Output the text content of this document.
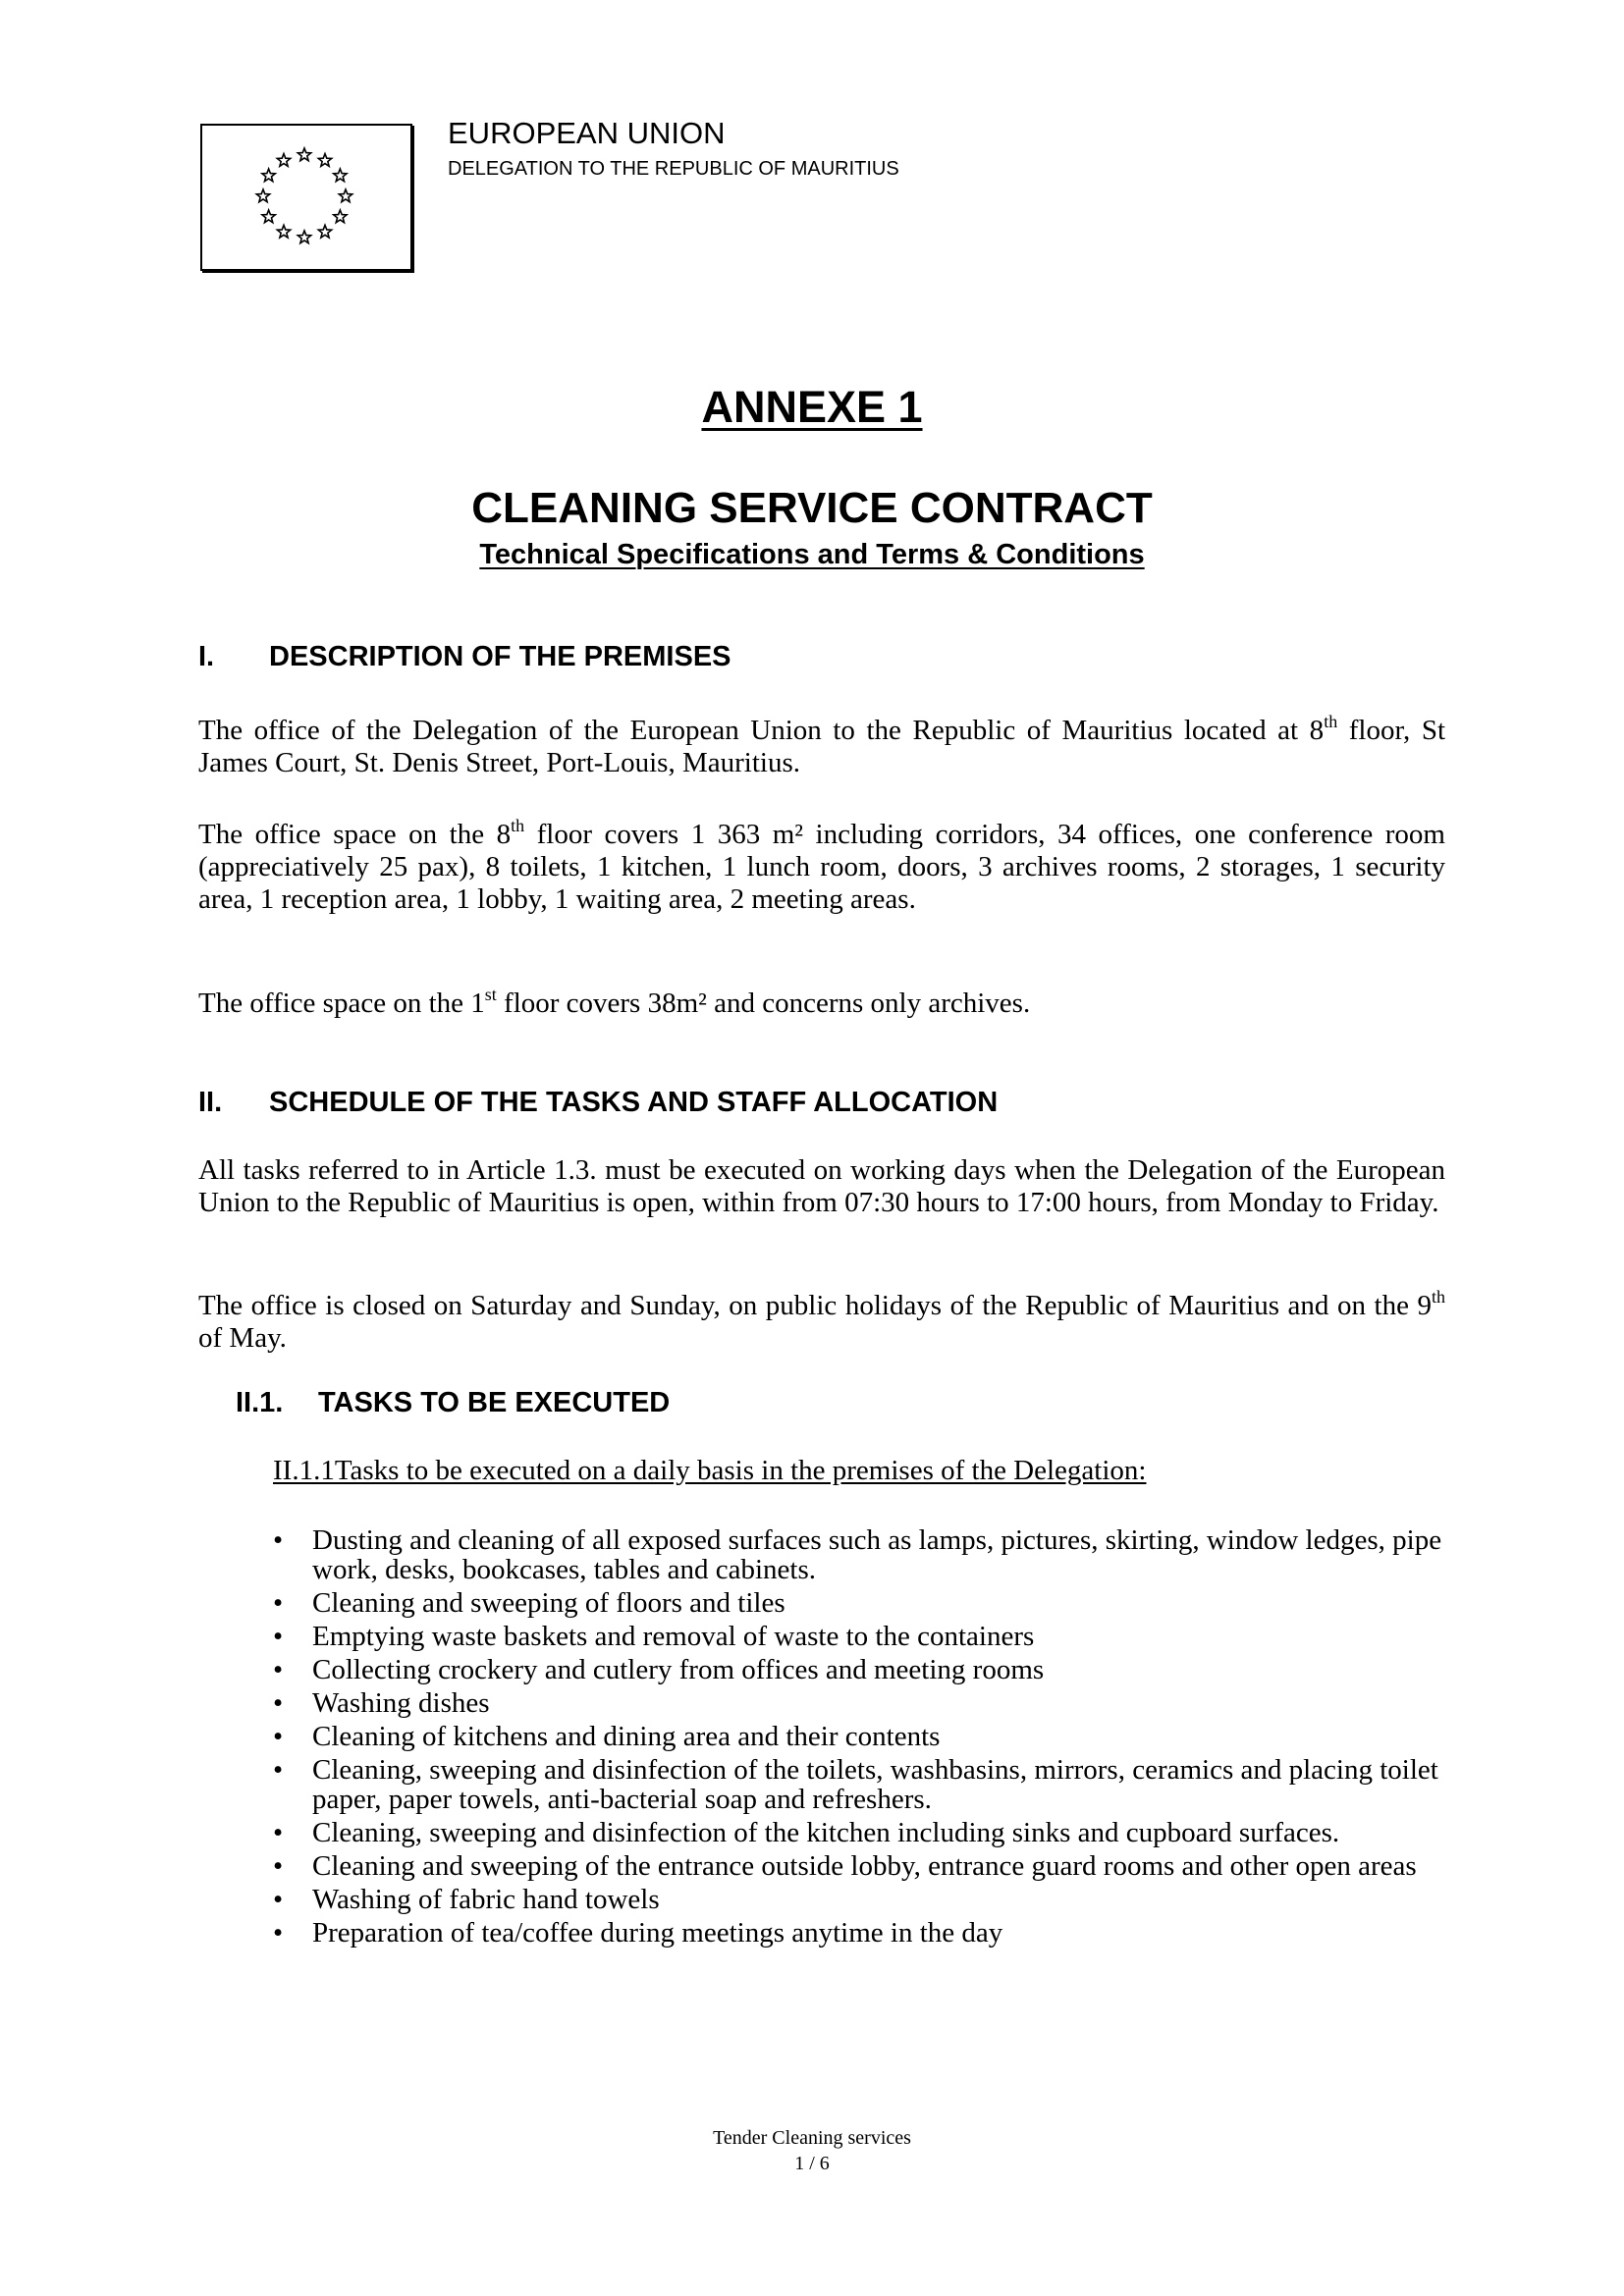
EUROPEAN UNION

DELEGATION TO THE REPUBLIC OF MAURITIUS

ANNEXE 1
CLEANING SERVICE CONTRACT

Technical Specifications and Terms & Conditions

I. DESCRIPTION OF THE PREMISES

The office of the Delegation of the European Union to the Republic of Mauritius located at 8th floor, St James Court, St. Denis Street, Port-Louis, Mauritius.

The office space on the 8th floor covers 1 363 m² including corridors, 34 offices, one conference room (appreciatively 25 pax), 8 toilets, 1 kitchen, 1 lunch room, doors, 3 archives rooms, 2 storages, 1 security area, 1 reception area, 1 lobby, 1 waiting area, 2 meeting areas.

The office space on the 1st floor covers 38m² and concerns only archives.

II. SCHEDULE OF THE TASKS AND STAFF ALLOCATION

All tasks referred to in Article 1.3. must be executed on working days when the Delegation of the European Union to the Republic of Mauritius is open, within from 07:30 hours to 17:00 hours, from Monday to Friday.

The office is closed on Saturday and Sunday, on public holidays of the Republic of Mauritius and on the 9th of May.

II.1. TASKS TO BE EXECUTED

II.1.1Tasks to be executed on a daily basis in the premises of the Delegation:

• Dusting and cleaning of all exposed surfaces such as lamps, pictures, skirting, window ledges, pipe work, desks, bookcases, tables and cabinets.
• Cleaning and sweeping of floors and tiles
• Emptying waste baskets and removal of waste to the containers
• Collecting crockery and cutlery from offices and meeting rooms
• Washing dishes
• Cleaning of kitchens and dining area and their contents
• Cleaning, sweeping and disinfection of the toilets, washbasins, mirrors, ceramics and placing toilet paper, paper towels, anti-bacterial soap and refreshers.
• Cleaning, sweeping and disinfection of the kitchen including sinks and cupboard surfaces.
• Cleaning and sweeping of the entrance outside lobby, entrance guard rooms and other open areas
• Washing of fabric hand towels
• Preparation of tea/coffee during meetings anytime in the day

Tender Cleaning services

1 / 6
